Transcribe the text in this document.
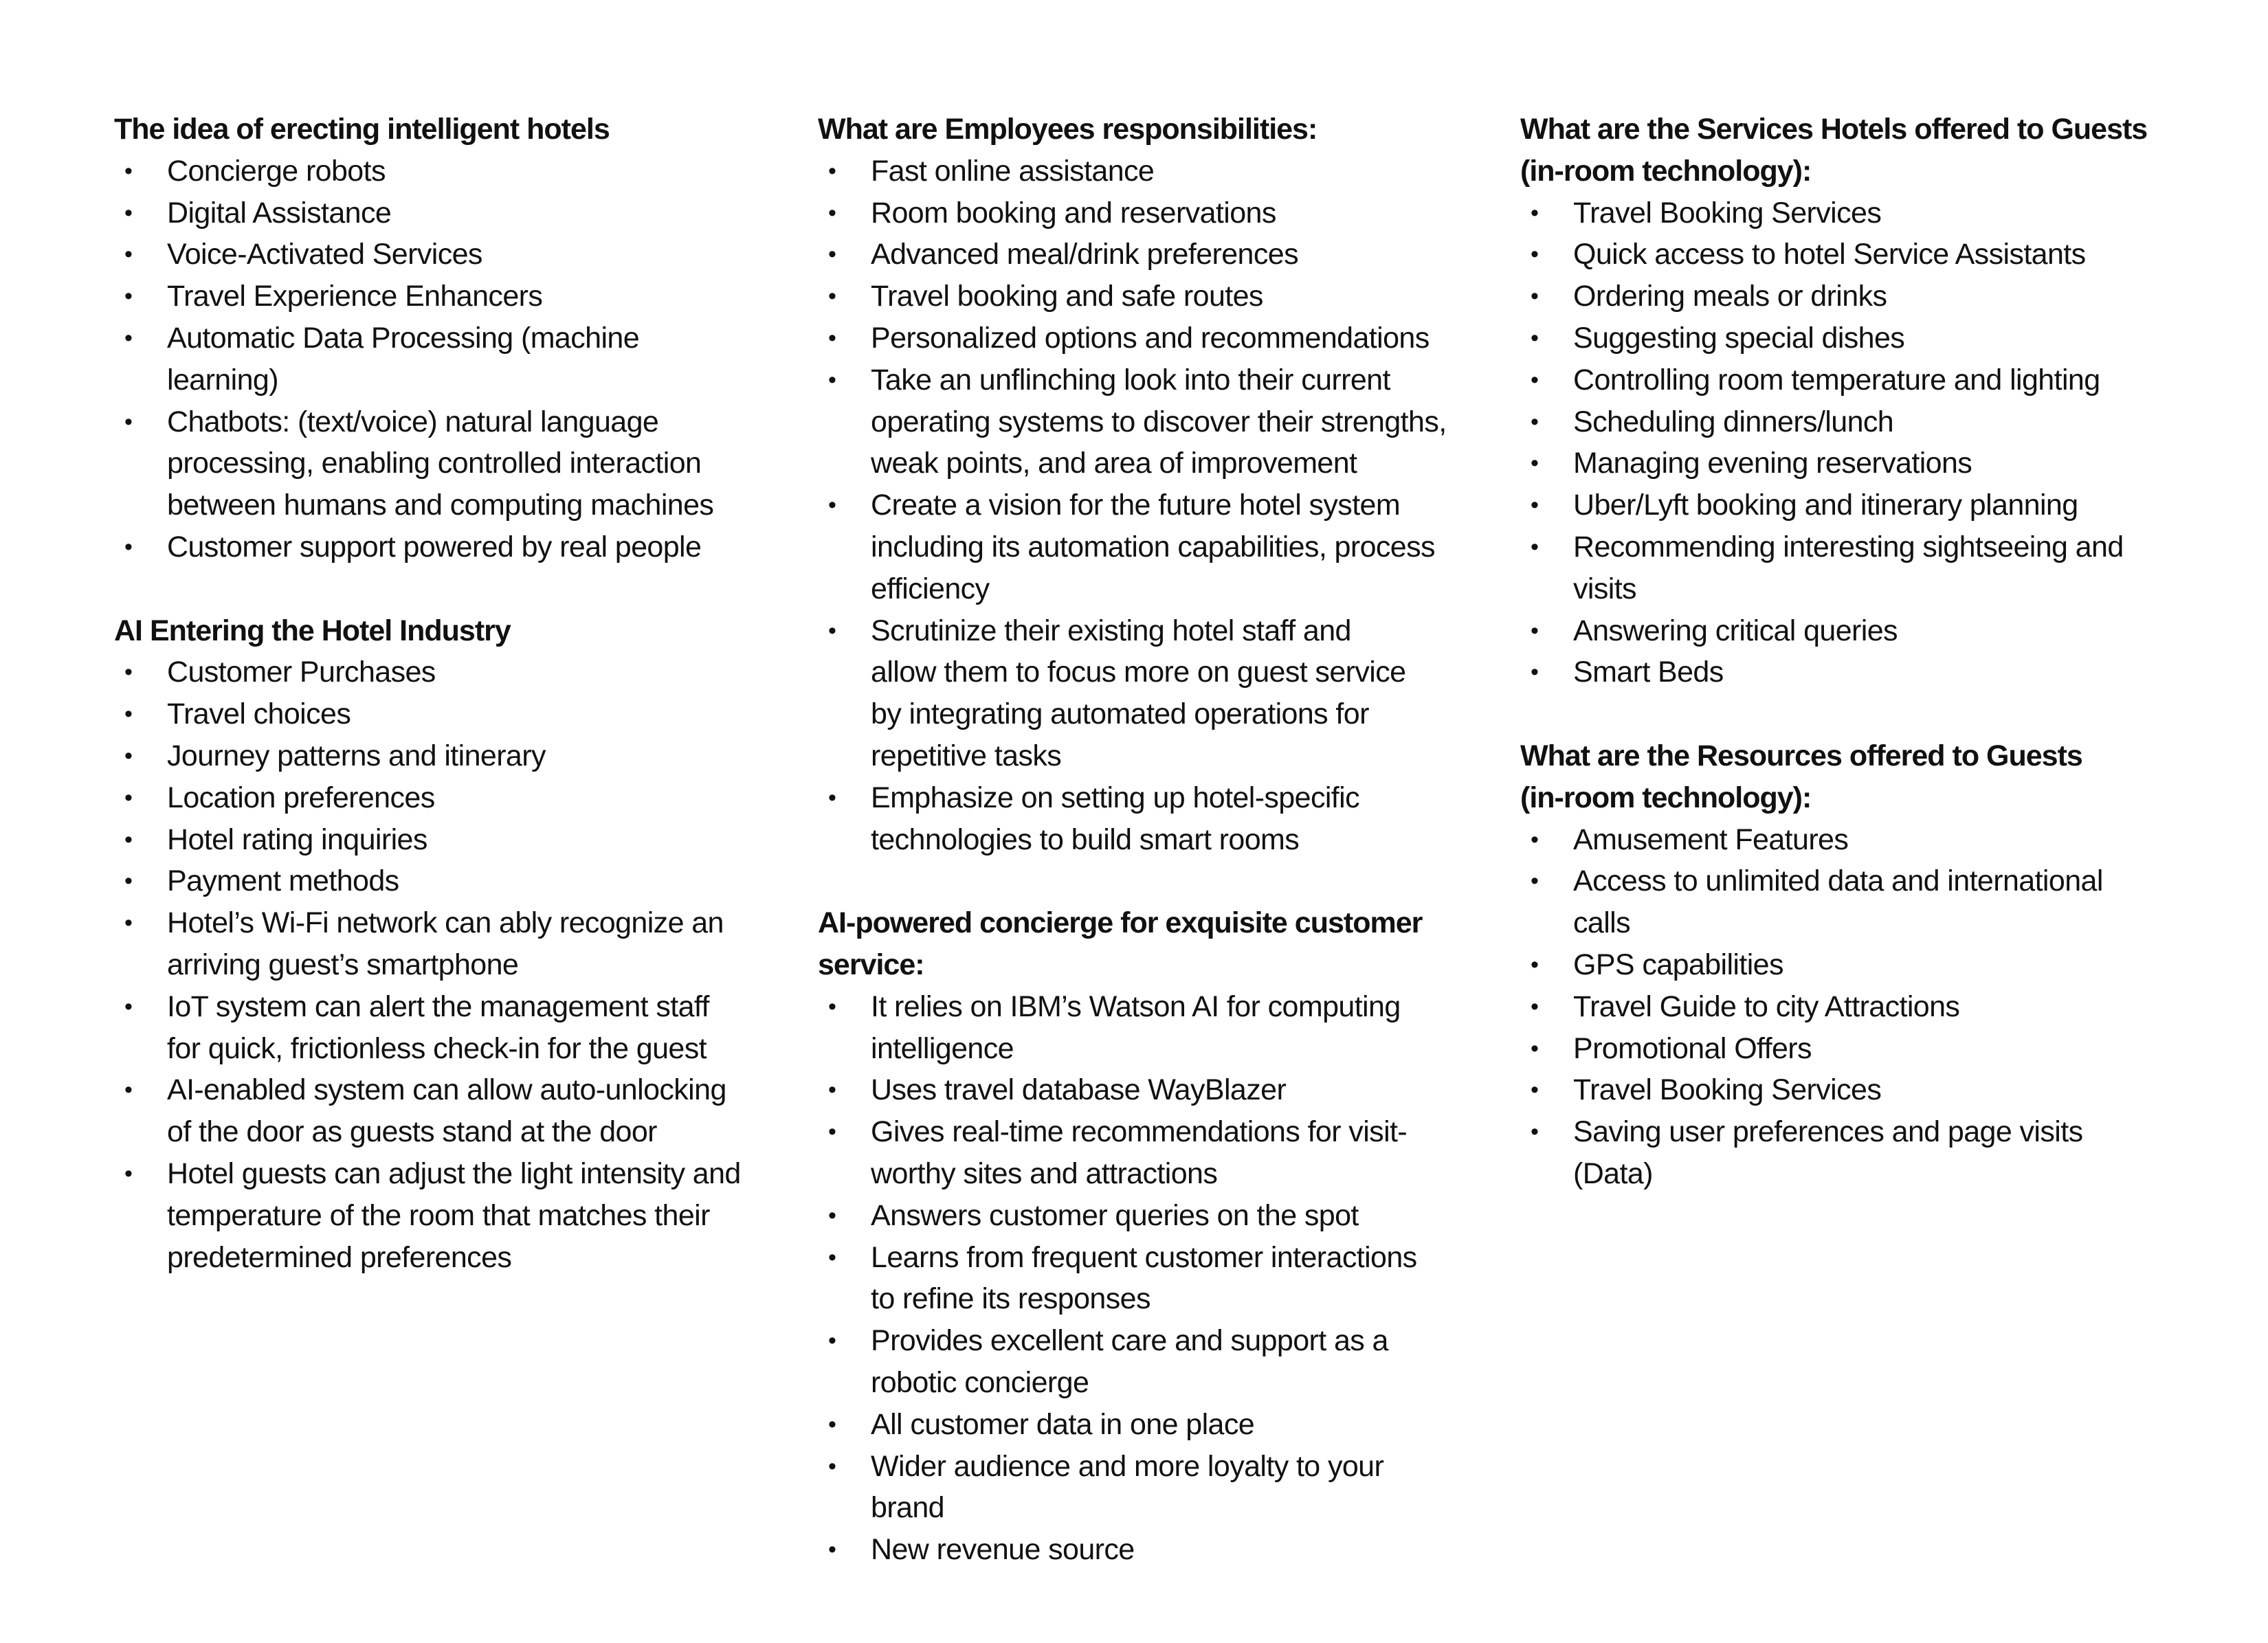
The idea of erecting intelligent hotels
• Concierge robots
• Digital Assistance
• Voice-Activated Services
• Travel Experience Enhancers
• Automatic Data Processing (machine
learning)
• Chatbots: (text/voice) natural language
processing, enabling controlled interaction
between humans and computing machines
• Customer support powered by real people
AI Entering the Hotel Industry
• Customer Purchases
• Travel choices
• Journey patterns and itinerary
• Location preferences
• Hotel rating inquiries
• Payment methods
• Hotel’s Wi-Fi network can ably recognize an
arriving guest’s smartphone
• IoT system can alert the management staff
for quick, frictionless check-in for the guest
• AI-enabled system can allow auto-unlocking
of the door as guests stand at the door
• Hotel guests can adjust the light intensity and
temperature of the room that matches their
predetermined preferences
What are Employees responsibilities:
• Fast online assistance
• Room booking and reservations
• Advanced meal/drink preferences
• Travel booking and safe routes
• Personalized options and recommendations
• Take an unflinching look into their current
operating systems to discover their strengths,
weak points, and area of improvement
• Create a vision for the future hotel system
including its automation capabilities, process
efficiency
• Scrutinize their existing hotel staff and
allow them to focus more on guest service
by integrating automated operations for
repetitive tasks
• Emphasize on setting up hotel-specific
technologies to build smart rooms
AI-powered concierge for exquisite customer
service:
• It relies on IBM’s Watson AI for computing
intelligence
• Uses travel database WayBlazer
• Gives real-time recommendations for visit-
worthy sites and attractions
• Answers customer queries on the spot
• Learns from frequent customer interactions
to refine its responses
• Provides excellent care and support as a
robotic concierge
• All customer data in one place
• Wider audience and more loyalty to your
brand
• New revenue source
What are the Services Hotels offered to Guests
(in-room technology):
• Travel Booking Services
• Quick access to hotel Service Assistants
• Ordering meals or drinks
• Suggesting special dishes
• Controlling room temperature and lighting
• Scheduling dinners/lunch
• Managing evening reservations
• Uber/Lyft booking and itinerary planning
• Recommending interesting sightseeing and
visits
• Answering critical queries
• Smart Beds
What are the Resources offered to Guests
(in-room technology):
• Amusement Features
• Access to unlimited data and international
calls
• GPS capabilities
• Travel Guide to city Attractions
• Promotional Offers
• Travel Booking Services
• Saving user preferences and page visits
(Data)
